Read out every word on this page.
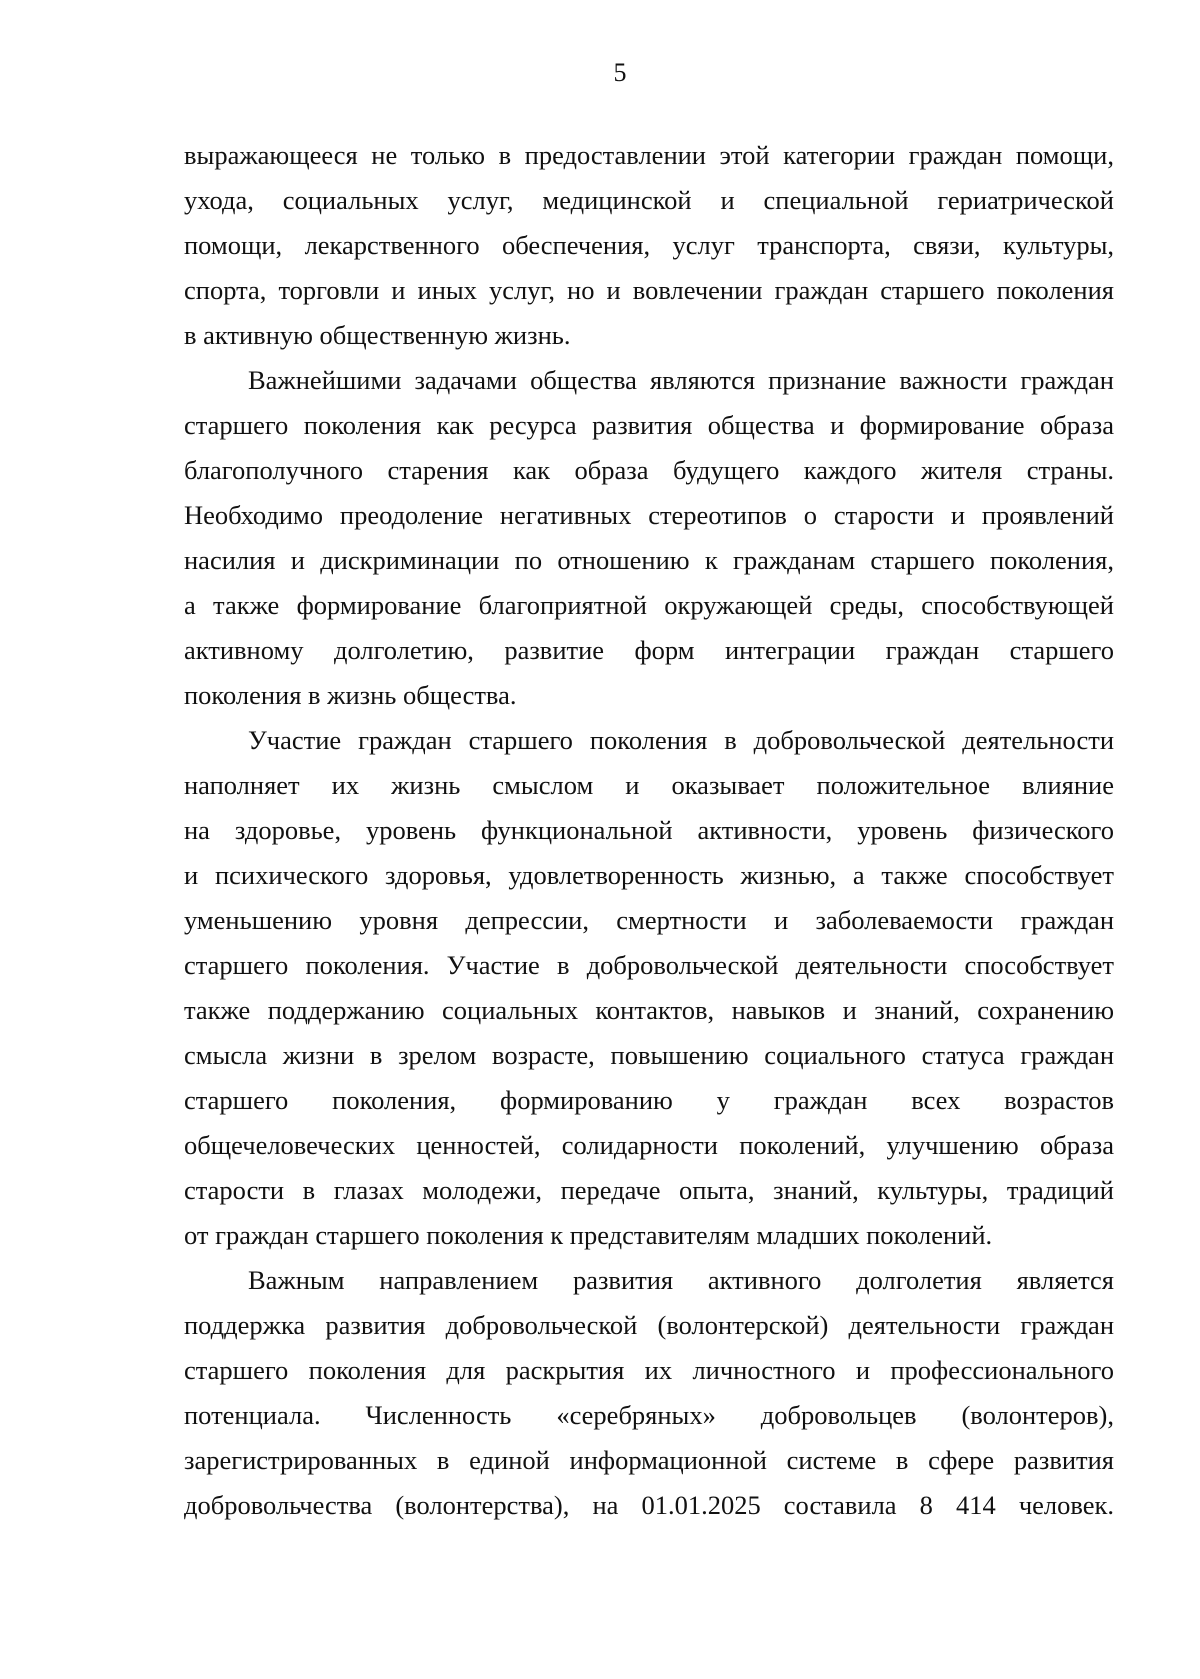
5
выражающееся не только в предоставлении этой категории граждан помощи,
ухода, социальных услуг, медицинской и специальной гериатрической
помощи, лекарственного обеспечения, услуг транспорта, связи, культуры,
спорта, торговли и иных услуг, но и вовлечении граждан старшего поколения
в активную общественную жизнь.
Важнейшими задачами общества являются признание важности граждан
старшего поколения как ресурса развития общества и формирование образа
благополучного старения как образа будущего каждого жителя страны.
Необходимо преодоление негативных стереотипов о старости и проявлений
насилия и дискриминации по отношению к гражданам старшего поколения,
а также формирование благоприятной окружающей среды, способствующей
активному долголетию, развитие форм интеграции граждан старшего
поколения в жизнь общества.
Участие граждан старшего поколения в добровольческой деятельности
наполняет их жизнь смыслом и оказывает положительное влияние
на здоровье, уровень функциональной активности, уровень физического
и психического здоровья, удовлетворенность жизнью, а также способствует
уменьшению уровня депрессии, смертности и заболеваемости граждан
старшего поколения. Участие в добровольческой деятельности способствует
также поддержанию социальных контактов, навыков и знаний, сохранению
смысла жизни в зрелом возрасте, повышению социального статуса граждан
старшего поколения, формированию у граждан всех возрастов
общечеловеческих ценностей, солидарности поколений, улучшению образа
старости в глазах молодежи, передаче опыта, знаний, культуры, традиций
от граждан старшего поколения к представителям младших поколений.
Важным направлением развития активного долголетия является
поддержка развития добровольческой (волонтерской) деятельности граждан
старшего поколения для раскрытия их личностного и профессионального
потенциала. Численность «серебряных» добровольцев (волонтеров),
зарегистрированных в единой информационной системе в сфере развития
добровольчества (волонтерства), на 01.01.2025 составила 8 414 человек.
